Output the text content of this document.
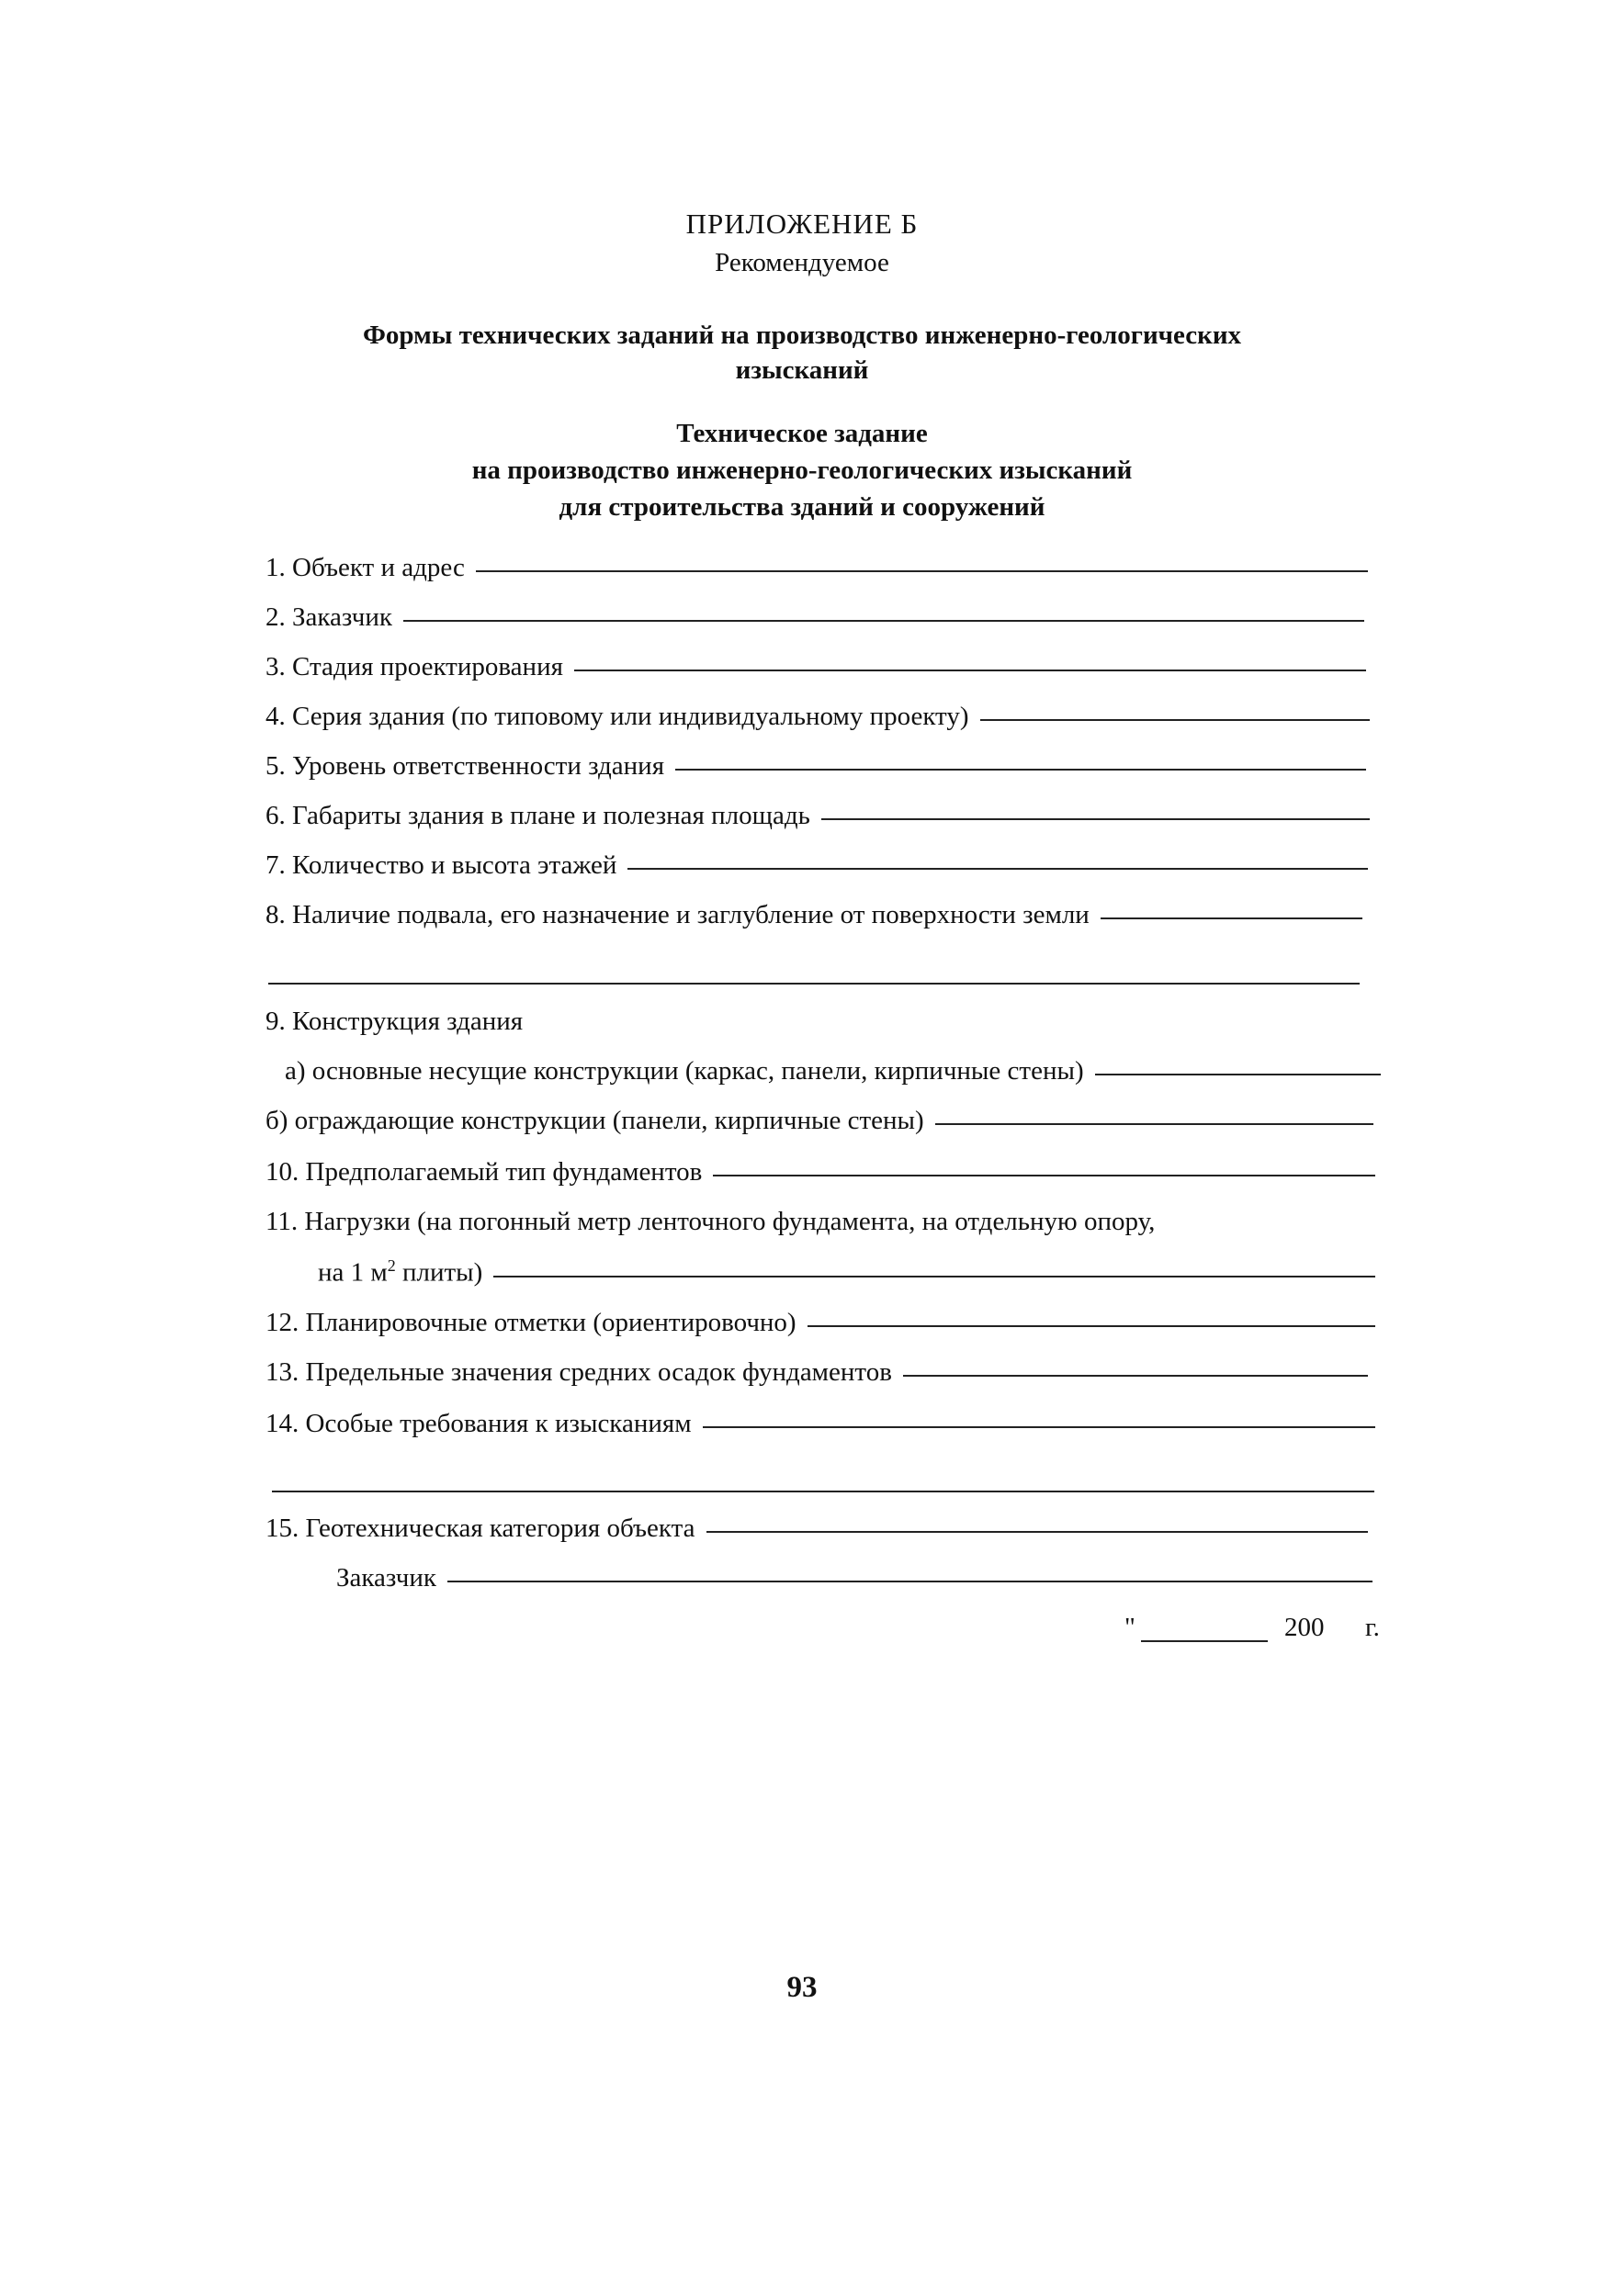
ПРИЛОЖЕНИЕ Б
Рекомендуемое
Формы технических заданий на производство инженерно-геологических
изысканий
Техническое задание
на производство инженерно-геологических изысканий
для строительства зданий и сооружений
1. Объект и адрес
2. Заказчик
3. Стадия проектирования
4. Серия здания (по типовому или индивидуальному проекту)
5. Уровень ответственности здания
6. Габариты здания в плане и полезная площадь
7. Количество и высота этажей
8. Наличие подвала, его назначение и заглубление от поверхности земли
9. Конструкция здания
а) основные несущие конструкции (каркас, панели, кирпичные стены)
б) ограждающие конструкции (панели, кирпичные стены)
10. Предполагаемый тип фундаментов
11. Нагрузки (на погонный метр ленточного фундамента, на отдельную опору,
на 1 $м^2$ плиты)
12. Планировочные отметки (ориентировочно)
13. Предельные значения средних осадок фундаментов
14. Особые требования к изысканиям
15. Геотехническая категория объекта
Заказчик
"	200 г.
93
